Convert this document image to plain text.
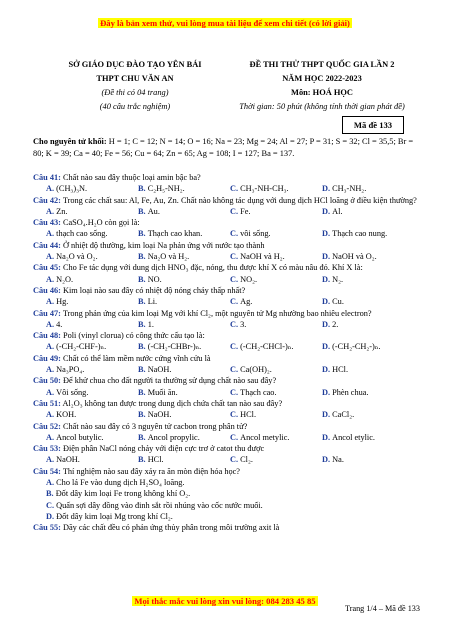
Đây là bản xem thử, vui lòng mua tài liệu để xem chi tiết (có lời giải)
SỞ GIÁO DỤC ĐÀO TẠO YÊN BÁI
THPT CHU VĂN AN
(Đề thi có 04 trang)
(40 câu trắc nghiệm)
ĐỀ THI THỬ THPT QUỐC GIA LẦN 2
NĂM HỌC 2022-2023
Môn: HOÁ HỌC
Thời gian: 50 phút (không tính thời gian phát đề)
Mã đề 133
Cho nguyên tử khối: H = 1; C = 12; N = 14; O = 16; Na = 23; Mg = 24; Al = 27; P = 31; S = 32; Cl = 35,5; Br = 80; K = 39; Ca = 40; Fe = 56; Cu = 64; Zn = 65; Ag = 108; I = 127; Ba = 137.
Câu 41: Chất nào sau đây thuộc loại amin bậc ba?
A. (CH₃)₃N.	B. C₂H₅-NH₂.	C. CH₃-NH-CH₃.	D. CH₃-NH₂.
Câu 42: Trong các chất sau: Al, Fe, Au, Zn. Chất nào không tác dụng với dung dịch HCl loãng ở điều kiện thường?
A. Zn.	B. Au.	C. Fe.	D. Al.
Câu 43: CaSO₄.H₂O còn gọi là:
A. thạch cao sống.	B. Thạch cao khan.	C. vôi sống.	D. Thạch cao nung.
Câu 44: Ở nhiệt độ thường, kim loại Na phản ứng với nước tạo thành
A. Na₂O và O₂.	B. Na₂O và H₂.	C. NaOH và H₂.	D. NaOH và O₂.
Câu 45: Cho Fe tác dụng với dung dịch HNO₃ đặc, nóng, thu được khí X có màu nâu đỏ. Khí X là:
A. N₂O.	B. NO.	C. NO₂.	D. N₂.
Câu 46: Kim loại nào sau đây có nhiệt độ nóng chảy thấp nhất?
A. Hg.	B. Li.	C. Ag.	D. Cu.
Câu 47: Trong phản ứng của kim loại Mg với khí Cl₂, một nguyên tử Mg nhường bao nhiêu electron?
A. 4.	B. 1.	C. 3.	D. 2.
Câu 48: Poli (vinyl clorua) có công thức cấu tạo là:
A. (-CH₂-CHF-)ₙ.	B. (-CH₂-CHBr-)ₙ.	C. (-CH₂-CHCl-)ₙ.	D. (-CH₂-CH₂-)ₙ.
Câu 49: Chất có thể làm mềm nước cứng vĩnh cửu là
A. Na₃PO₄.	B. NaOH.	C. Ca(OH)₂.	D. HCl.
Câu 50: Để khử chua cho đất người ta thường sử dụng chất nào sau đây?
A. Vôi sống.	B. Muối ăn.	C. Thạch cao.	D. Phèn chua.
Câu 51: Al₂O₃ không tan được trong dung dịch chứa chất tan nào sau đây?
A. KOH.	B. NaOH.	C. HCl.	D. CaCl₂.
Câu 52: Chất nào sau đây có 3 nguyên tử cacbon trong phân tử?
A. Ancol butylic.	B. Ancol propylic.	C. Ancol metylic.	D. Ancol etylic.
Câu 53: Điện phân NaCl nóng chảy với điện cực trơ ở catot thu được
A. NaOH.	B. HCl.	C. Cl₂.	D. Na.
Câu 54: Thí nghiệm nào sau đây xảy ra ăn mòn điện hóa học?
A. Cho lá Fe vào dung dịch H₂SO₄ loãng.
B. Đốt dây kim loại Fe trong không khí O₂.
C. Quấn sợi dây đồng vào đinh sắt rồi nhúng vào cốc nước muối.
D. Đốt dây kim loại Mg trong khí Cl₂.
Câu 55: Dãy các chất đều có phản ứng thủy phân trong môi trường axit là
Mọi thắc mắc vui lòng xin vui lòng: 084 283 45 85
Trang 1/4 – Mã đề 133
